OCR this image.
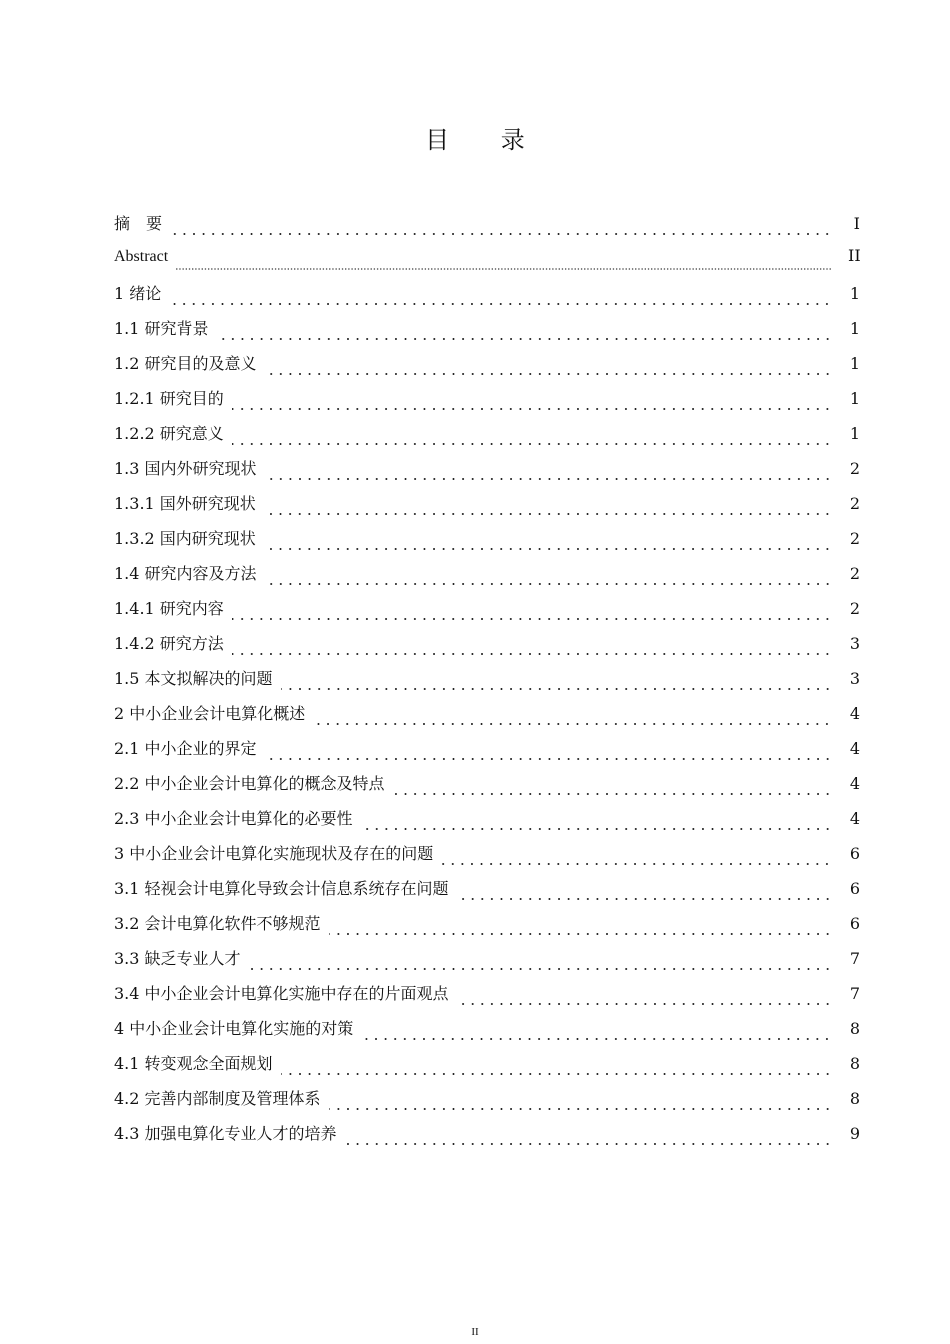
目 录
摘　要	I
Abstract	II
1 绪论	1
1.1 研究背景	1
1.2 研究目的及意义	1
1.2.1 研究目的	1
1.2.2 研究意义	1
1.3 国内外研究现状	2
1.3.1 国外研究现状	2
1.3.2 国内研究现状	2
1.4 研究内容及方法	2
1.4.1 研究内容	2
1.4.2 研究方法	3
1.5 本文拟解决的问题	3
2 中小企业会计电算化概述	4
2.1 中小企业的界定	4
2.2 中小企业会计电算化的概念及特点	4
2.3 中小企业会计电算化的必要性	4
3 中小企业会计电算化实施现状及存在的问题	6
3.1 轻视会计电算化导致会计信息系统存在问题	6
3.2 会计电算化软件不够规范	6
3.3 缺乏专业人才	7
3.4 中小企业会计电算化实施中存在的片面观点	7
4 中小企业会计电算化实施的对策	8
4.1 转变观念全面规划	8
4.2 完善内部制度及管理体系	8
4.3 加强电算化专业人才的培养	9
II
